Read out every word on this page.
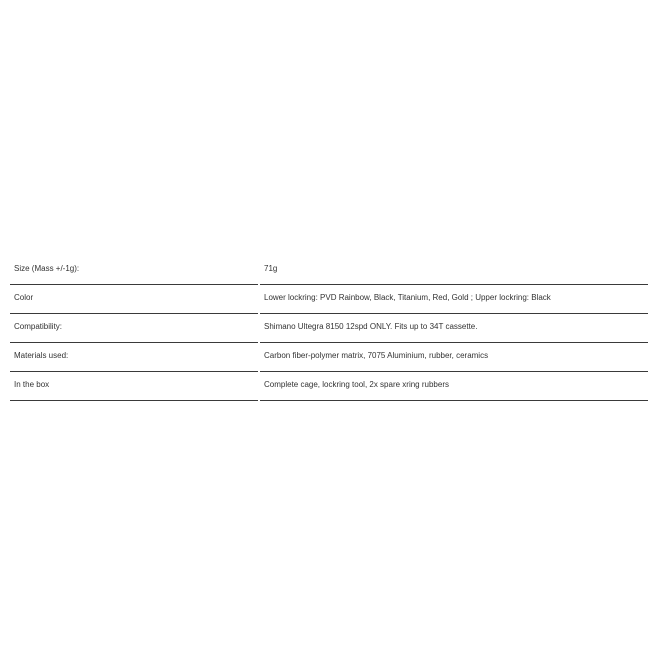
Size (Mass +/-1g):	71g
Color	Lower lockring: PVD Rainbow, Black, Titanium, Red, Gold ; Upper lockring: Black
Compatibility:	Shimano Ultegra 8150 12spd ONLY. Fits up to 34T cassette.
Materials used:	Carbon fiber-polymer matrix, 7075 Aluminium, rubber, ceramics
In the box	Complete cage, lockring tool, 2x spare xring rubbers
